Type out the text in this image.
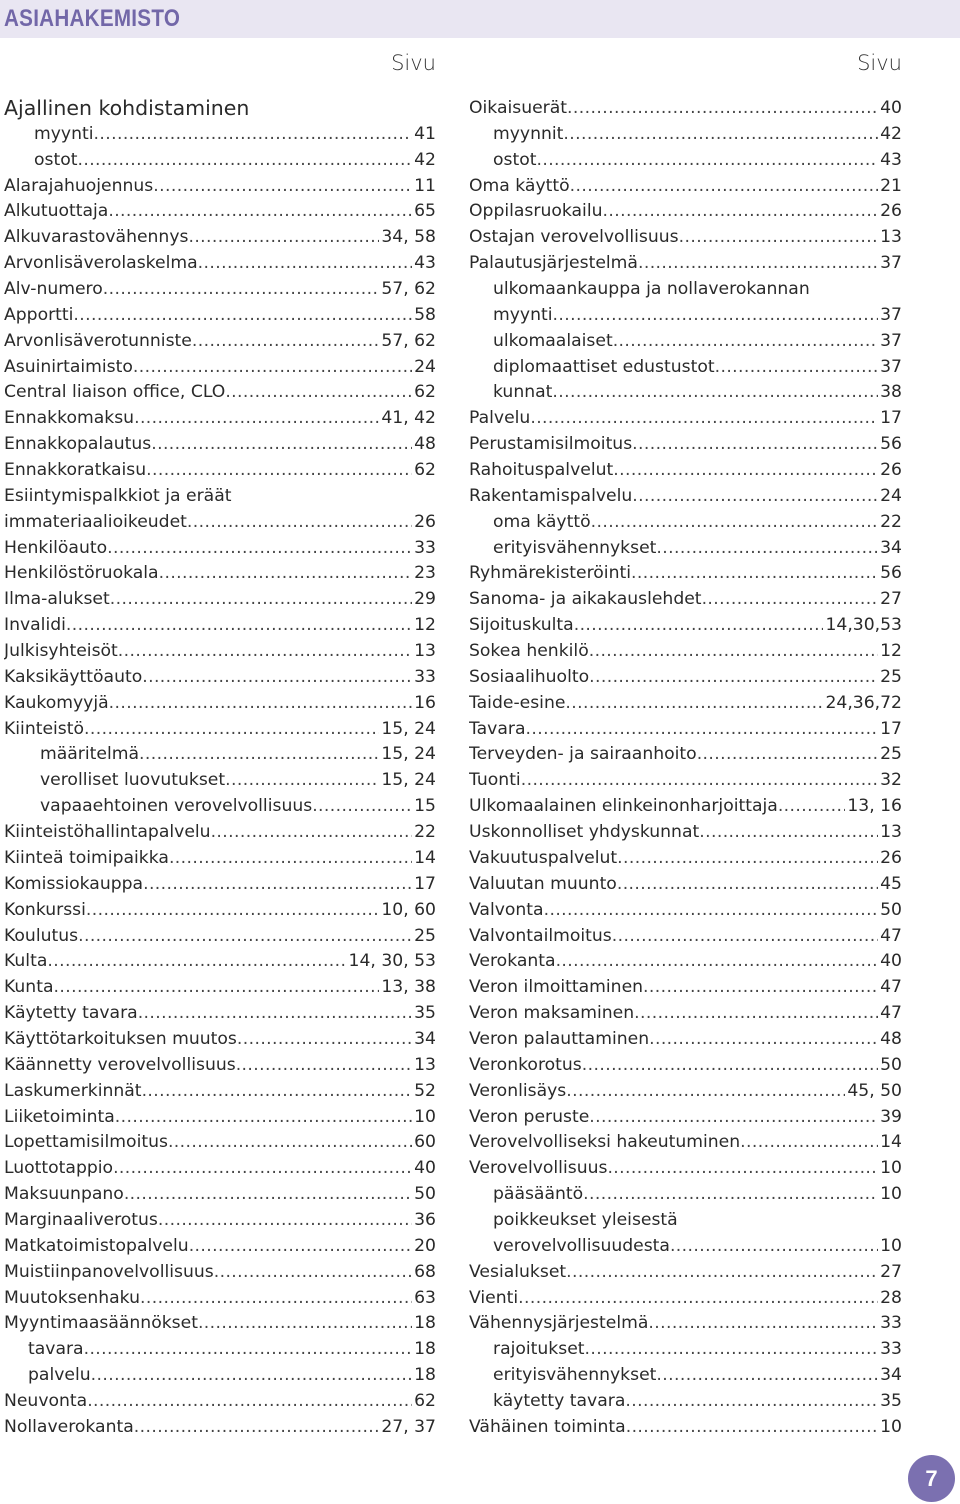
ASIAHAKEMISTO
Sivu
Ajallinen kohdistaminen
myynti .....	41
ostot .....	42
Alarajahuojennus .....	11
Alkutuottaja .....	65
Alkuvarastovähennys .....	34, 58
Arvonlisäverolaskelma .....	43
Alv-numero .....	57, 62
Apportti .....	58
Arvonlisäverotunniste .....	57, 62
Asuinirtaimisto .....	24
Central liaison office, CLO .....	62
Ennakkomaksu .....	41, 42
Ennakkopalautus .....	48
Ennakkoratkaisu .....	62
Esiintymispalkkiot ja eräät
immateriaalioikeudet .....	26
Henkilöauto .....	33
Henkilöstöruokala .....	23
Ilma-alukset .....	29
Invalidi .....	12
Julkisyhteisöt .....	13
Kaksikäyttöauto .....	33
Kaukomyyjä .....	16
Kiinteistö .....	15, 24
määritelmä .....	15, 24
verolliset luovutukset .....	15, 24
vapaaehtoinen verovelvollisuus .....	15
Kiinteistöhallintapalvelu .....	22
Kiinteä toimipaikka .....	14
Komissiokauppa .....	17
Konkurssi .....	10, 60
Koulutus .....	25
Kulta .....	14, 30, 53
Kunta .....	13, 38
Käytetty tavara .....	35
Käyttötarkoituksen muutos .....	34
Käännetty verovelvollisuus .....	13
Laskumerkinnät .....	52
Liiketoiminta .....	10
Lopettamisilmoitus .....	60
Luottotappio .....	40
Maksuunpano .....	50
Marginaaliverotus .....	36
Matkatoimistopalvelu .....	20
Muistiinpanovelvollisuus .....	68
Muutoksenhaku .....	63
Myyntimaasäännökset .....	18
tavara .....	18
palvelu .....	18
Neuvonta .....	62
Nollaverokanta .....	27, 37
Sivu
Oikaisuerät .....	40
myynnit .....	42
ostot .....	43
Oma käyttö .....	21
Oppilasruokailu .....	26
Ostajan verovelvollisuus .....	13
Palautusjärjestelmä .....	37
ulkomaankauppa ja nollaverokannan
myynti .....	37
ulkomaalaiset .....	37
diplomaattiset edustustot .....	37
kunnat .....	38
Palvelu .....	17
Perustamisilmoitus .....	56
Rahoituspalvelut .....	26
Rakentamispalvelu .....	24
oma käyttö .....	22
erityisvähennykset .....	34
Ryhmärekisteröinti .....	56
Sanoma- ja aikakauslehdet .....	27
Sijoituskulta .....	14,30,53
Sokea henkilö .....	12
Sosiaalihuolto .....	25
Taide-esine .....	24,36,72
Tavara .....	17
Terveyden- ja sairaanhoito .....	25
Tuonti .....	32
Ulkomaalainen elinkeinonharjoittaja .....	13, 16
Uskonnolliset yhdyskunnat .....	13
Vakuutuspalvelut .....	26
Valuutan muunto .....	45
Valvonta .....	50
Valvontailmoitus .....	47
Verokanta .....	40
Veron ilmoittaminen .....	47
Veron maksaminen .....	47
Veron palauttaminen .....	48
Veronkorotus .....	50
Veronlisäys .....	45, 50
Veron peruste .....	39
Verovelvolliseksi hakeutuminen .....	14
Verovelvollisuus .....	10
pääsääntö .....	10
poikkeukset yleisestä
verovelvollisuudesta .....	10
Vesialukset .....	27
Vienti .....	28
Vähennysjärjestelmä .....	33
rajoitukset .....	33
erityisvähennykset .....	34
käytetty tavara .....	35
Vähäinen toiminta .....	10
7
